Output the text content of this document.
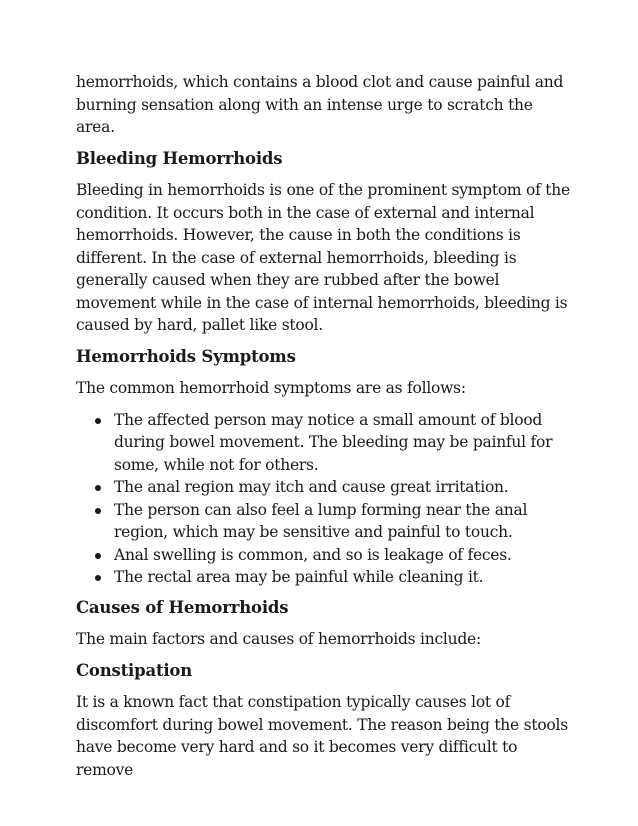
hemorrhoids, which contains a blood clot and cause painful and burning sensation along with an intense urge to scratch the area.

Bleeding Hemorrhoids

Bleeding in hemorrhoids is one of the prominent symptom of the condition. It occurs both in the case of external and internal hemorrhoids. However, the cause in both the conditions is different. In the case of external hemorrhoids, bleeding is generally caused when they are rubbed after the bowel movement while in the case of internal hemorrhoids, bleeding is caused by hard, pallet like stool.

Hemorrhoids Symptoms

The common hemorrhoid symptoms are as follows:

The affected person may notice a small amount of blood during bowel movement. The bleeding may be painful for some, while not for others.
The anal region may itch and cause great irritation.
The person can also feel a lump forming near the anal region, which may be sensitive and painful to touch.
Anal swelling is common, and so is leakage of feces.
The rectal area may be painful while cleaning it.
Causes of Hemorrhoids

The main factors and causes of hemorrhoids include:

Constipation

It is a known fact that constipation typically causes lot of discomfort during bowel movement. The reason being the stools have become very hard and so it becomes very difficult to remove
